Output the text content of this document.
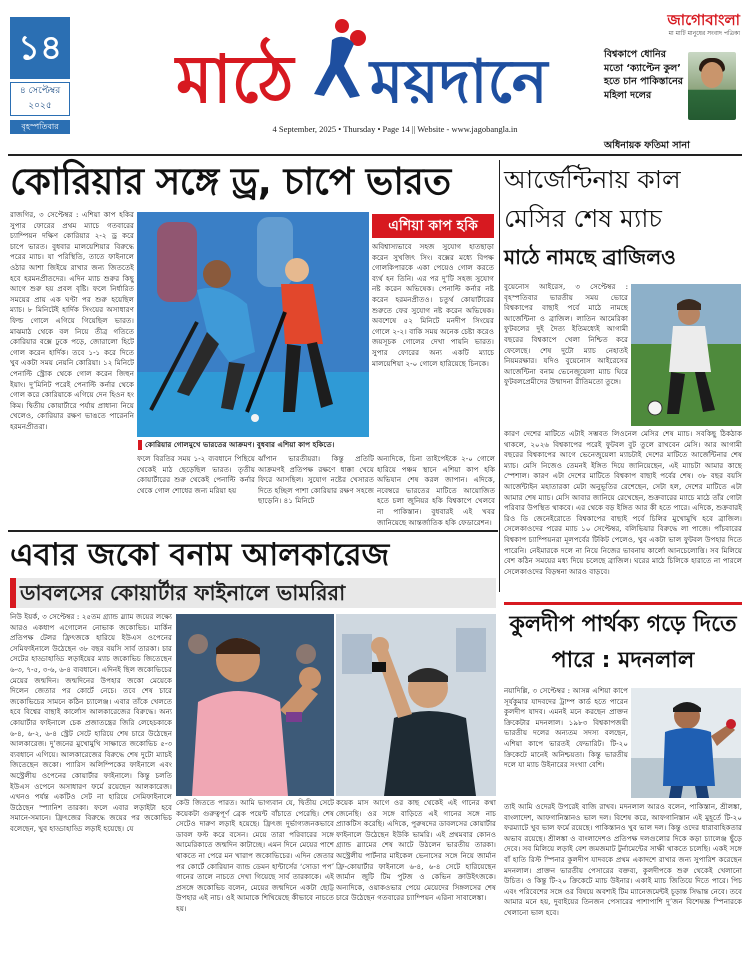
১৪
৪ সেপ্টেম্বর
২০২৫
বৃহস্পতিবার
মাঠে ময়দানে
4 September, 2025 • Thursday • Page 14 || Website - www.jagobangla.in
জাগোবাংলা
মা মাটি মানুষের সংবাদ পত্রিকা
বিশ্বকাপে ধোনির মতো ‘ক্যাপ্টেন কুল’ হতে চান পাকিস্তানের মহিলা দলের
অধিনায়ক ফতিমা সানা
কোরিয়ার সঙ্গে ড্র, চাপে ভারত
রাজগির, ৩ সেপ্টেম্বর : এশিয়া কাপ হকির সুপার ফোরের প্রথম ম্যাচে গতবারের চ্যাম্পিয়ন দক্ষিণ কোরিয়ার ২-২ ড্র করে চাপে ভারত। বুধবার মালয়েশিয়ার বিরুদ্ধে পরের ম্যাচ। যা পরিস্থিতি, তাতে ফাইনালে ওঠার আশা জিইয়ে রাখার জন্য জিততেই হবে হরমনপ্রীতদের। এদিন ম্যাচ শুরুর কিছু আগে শুরু হয় প্রবল বৃষ্টি। ফলে নির্ধারিত সময়ের প্রায় এক ঘণ্টা পর শুরু হয়েছিল ম্যাচ। ৮ মিনিটেই হার্দিক সিংয়ের অসাধারণ ফিল্ড গোলে এগিয়ে গিয়েছিল ভারত। মাঝমাঠ থেকে বল নিয়ে তীব্র গতিতে কোরিয়ার বক্সে ঢুকে পড়ে, জোরালো হিটে গোল করেন হার্দিক। তবে ১-১ করে দিতে খুব একটা সময় নেয়নি কোরিয়া। ১২ মিনিটে পেনাল্টি স্ট্রোক থেকে গোল করেন জিহুন ইয়াং। দু’মিনিট পরেই পেনাল্টি কর্নার থেকে গোল করে কোরিয়াকে এগিয়ে দেন হিওন হং কিম। দ্বিতীয় কোয়ার্টারে পর্যায় প্রাধান্য নিয়ে খেলেও, কোরিয়ার রক্ষণ ভাঙতে পারেননি হরমনপ্রীতরা।
কোরিয়ার গোলমুখে ভারতের আক্রমণ। বুধবার এশিয়া কাপ হকিতে।
এশিয়া কাপ হকি
অবিশ্বাস্যভাবে সহজ সুযোগ হাতছাড়া করেন সুখজিৎ সিং। বক্সের মধ্যে বিপক্ষ গোলকিপারকে একা পেয়েও গোল করতে ব্যর্থ হন তিনি। এর পর দু’টি সহজ সুযোগ নষ্ট করেন অভিষেক। পেনাল্টি কর্নার নষ্ট করেন হরমনপ্রীতও। চতুর্থ কোয়ার্টারের শুরুতে ফের সুযোগ নষ্ট করেন অভিষেক। অবশেষে ৫২ মিনিটে মনদীপ সিংয়ের গোলে ২-২। বাকি সময় অনেক চেষ্টা করেও জয়সূচক গোলের দেখা পায়নি ভারত। সুপার ফোরের অন্য একটি ম্যাচে মালয়েশিয়া ২-০ গোলে হারিয়েছে চিনকে।
ফলে বিরতির সময় ১-২ ব্যবধানে পিছিয়ে থেকেই মাঠ ছেড়েছিল ভারত। তৃতীয় কোয়ার্টারের শুরু থেকেই পেনাল্টি কর্নার থেকে গোল শোধের জন্য মরিয়া হয়
ঝাঁপান ভারতীয়রা। কিন্তু প্রতিটি আক্রমণই প্রতিপক্ষ রক্ষণে ধাক্কা খেয়ে ফিরে আসছিল। সুযোগ নষ্টের খেসারত দিতে হচ্ছিল পাশা কোরিয়ার রক্ষণ সহজে ছাড়েনি। ৪১ মিনিটে
অন্যদিকে, চিনা তাইপেইকে ২-০ গোলে হারিয়ে পঞ্চম স্থানে এশিয়া কাপ হকি অভিযান শেষ করল জাপান। এদিকে, নবেম্বরে ভারতের মাটিতে আয়োজিত হতে চলা জুনিয়র হকি বিশ্বকাপে খেলবে না পাকিস্তান। বুধবারই এই খবর জানিয়েছে আন্তর্জাতিক হকি ফেডারেশন।
আর্জেন্টিনায় কাল
মেসির শেষ ম্যাচ
মাঠে নামছে ব্রাজিলও
বুয়েনোস আইরেস, ৩ সেপ্টেম্বর : বৃহস্পতিবার ভারতীয় সময় ভোরে বিশ্বকাপের বাছাই পর্বে মাঠে নামছে আর্জেন্টিনা ও ব্রাজিল। লাতিন আমেরিকা ফুটবলের দুই দৈত্য ইতিমধ্যেই আগামী বছরের বিশ্বকাপে খেলা নিশ্চিত করে ফেলেছে। শেষ দুটো ম্যাচ নেহাতই নিয়মরক্ষার। যদিও বুয়েনোস আইরেসের আর্জেন্টিনা বনাম ভেনেজুয়েলা ম্যাচ ঘিরে ফুটবলপ্রেমীদের উন্মাদনা রীতিমতো তুঙ্গে।
কারণ দেশের মাটিতে এটাই সম্ভবত লিওনেল মেসির শেষ ম্যাচ। সবকিছু ঠিকঠাক থাকলে, ২০২৬ বিশ্বকাপের পরেই ফুটবল বুট তুলে রাখবেন মেসি। আর আগামী বছরের বিশ্বকাপের আগে ভেনেজুয়েলা ম্যাচটাই দেশের মাটিতে আর্জেন্টিনার শেষ ম্যাচ। মেসি নিজেও তেমনই ইঙ্গিত দিয়ে জানিয়েছেন, এই ম্যাচটা আমার কাছে স্পেশাল। কারণ এটা দেশের মাটিতে বিশ্বকাপ বাছাই পর্বের শেষ। ৩৮ বছর বয়সি আর্জেন্টাইন মহাতারকা মেটা অনুভূতির রেশেছেন, সেটা হল, দেশের মাটিতে এটা আমার শেষ ম্যাচ। মেসি আবার জানিয়ে রেখেছেন, শুক্রবারের ম্যাচে মাঠে তাঁর গোটা পরিবার উপস্থিত থাকবে। এর থেকে বড় ইঙ্গিত আর কী হতে পারে। এদিকে, শুক্রবারই রিও ডি জেনেইরোতে বিশ্বকাপের বাছাই পর্বে চিলির মুখোমুখি হবে ব্রাজিল। সেলেকাওদের পরের ম্যাচ ১০ সেপ্টেম্বর, বলিভিয়ার বিরুদ্ধে লা পাজে। পাঁচবারের বিশ্বকাপ চ্যাম্পিয়নরা মূলপর্বের টিকিট পেলেও, খুব একটা ভাল ফুটবল উপহার দিতে পারেনি। নেইমারকে দলে না নিয়ে নিজের ভাবনায় কার্লো আনচেলোত্তি। সব মিলিয়ে বেশ কঠিন সময়ের মধ্য দিয়ে চলেছে ব্রাজিল। ঘরের মাঠে চিলিকে হারাতে না পারলে সেলেকাওদের বিড়ম্বনা আরও বাড়বে।
এবার জকো বনাম আলকারেজ
ডাবলসের কোয়ার্টার ফাইনালে ভামরিরা
নিউ ইয়র্ক, ৩ সেপ্টেম্বর : ২৫তম গ্র্যান্ড স্ল্যাম জয়ের লক্ষ্যে আরও একধাপ এগোলেন নোভাক জকোভিচ। মার্কিন প্রতিপক্ষ টেলর ফ্রিৎজকে হারিয়ে ইউএস ওপেনের সেমিফাইনালে উঠেছেন ৩৮ বছর বয়সি সার্ব তারকা। চার সেটের হাড্ডাহাড্ডি লড়াইয়ের ম্যাচ জকোভিচ জিতেছেন ৬-৩, ৭-৫, ৩-৬, ৬-৪ ব্যবধানে। এদিনই ছিল জকোভিচের মেয়ের জন্মদিন। জন্মদিনের উপহার জকো মেয়েকে দিলেন জেতার পর কোর্টে নেচে। তবে শেষ চারে জকোভিচের সামনে কঠিন চ্যালেঞ্জ। এবার তাঁকে খেলতে হবে বিশ্বের বাছাই কার্লোস আলকারেজের বিরুদ্ধে। অন্য কোয়ার্টার ফাইনালে চেক প্রজাতন্ত্রের জিরি লেহেচকাকে ৬-৪, ৬-২, ৬-৪ স্ট্রেট সেটে হারিয়ে শেষ চারে উঠেছেন আলকারেজ। দু’জনের মুখোমুখি সাক্ষাতে জকোভিচ ৫-৩ ব্যবধানে এগিয়ে। আলকারেজের বিরুদ্ধে শেষ দুটো ম্যাচই জিতেছেন জকো। প্যারিস অলিম্পিকের ফাইনালে এবং অস্ট্রেলীয় ওপেনের কোয়ার্টার ফাইনালে। কিন্তু চলতি ইউএস ওপেনে অসাধারণ ফর্মে রয়েছেন আলকারেজ। এখনও পর্যন্ত একটিও সেট না হারিয়ে সেমিফাইনালে উঠেছেন স্প্যানিশ তারকা। ফলে এবার লড়াইটা হবে সমানে-সমানে। ফ্রিৎজের বিরুদ্ধে জয়ের পর জকোভিচ বলেছেন, খুব হাড্ডাহাড্ডি লড়াই হয়েছে। যে
কেউ জিততে পারত। আমি ভাগ্যবান যে, দ্বিতীয় সেটে কয়েকটা গুরুত্বপূর্ণ ব্রেক পয়েন্ট বাঁচাতে পেরেছি। শেষ সেটেও দারুণ লড়াই হয়েছে। ফ্রিৎজ দুর্ভাগ্যজনকভাবে ডাবল ফল্ট করে বসেন। মেয়ে তারা পরিবারের সঙ্গে আমেরিকাতে জন্মদিন কাটাচ্ছে। এমন দিনে মেয়ের পাশে থাকতে না পেরে মন খারাপ জকোভিচের। এদিন জেতার পর কোর্টে কোরিয়ান ব্যান্ড ডেমন হান্টার্সের ‘সোডা পপ’ গানের তালে নাচতে দেখা গিয়েছে সার্ব তারকাকে। এই প্রসঙ্গে জকোভিচ বলেন, মেয়ের জন্মদিনে একটা ছোট্ট উপহার এই নাচ। ওই আমাকে শিখিয়েছে কীভাবে নাচতে হয়।
কয়েক মাস আগে ওর কাছ থেকেই এই গানের কথা জেনেছি। ওর সঙ্গে বাড়িতে এই গানের সঙ্গে নাচ প্র্যাকটিস করেছি। এদিকে, পুরুষদের ডাবলসের কোয়ার্টার ফাইনালে উঠেছেন ইউকি ভামরি। এই প্রথমবার কোনও গ্র্যান্ড স্ল্যামের শেষ আটে উঠলেন ভারতীয় তারকা। অস্ট্রেলীয় পার্টনার মাইকেল ভেনাসের সঙ্গে নিয়ে জার্মান ফ্রি-কোয়ার্টার ফাইনালে ৬-৪, ৬-৪ সেটে হারিয়েছেন জার্মান জুটি টিম পুটজ ও কেভিন ক্রাউইৎজকে। অন্যদিকে, ওয়াকওভার পেয়ে মেয়েদের সিঙ্গলসের শেষ চারে উঠেছেন গতবারের চ্যাম্পিয়ন এরিনা সাবালেঙ্কা।
কুলদীপ পার্থক্য গড়ে দিতে পারে : মদনলাল
নয়াদিল্লি, ৩ সেপ্টেম্বর : আসন্ন এশিয়া কাপে সূর্যকুমার যাদবদের ট্রাম্প কার্ড হতে পারেন কুলদীপ যাদব। এমনই মনে করছেন প্রাক্তন ক্রিকেটার মদনলাল। ১৯৮৩ বিশ্বকাপজয়ী ভারতীয় দলের অন্যতম সদস্য বলছেন, এশিয়া কাপে ভারতই ফেভারিট। টি-২০ ক্রিকেটে মানেই অনিশ্চয়তা। কিন্তু ভারতীয় দলে যা ম্যাচ উইনারের সংখ্যা বেশি।
তাই আমি ওদেরই উপরেই বাজি রাখব। মদনলাল আরও বলেন, পাকিস্তান, শ্রীলঙ্কা, বাংলাদেশ, আফগানিস্তানও ভাল দল। বিশেষ করে, আফগানিস্তান এই মুহূর্তে টি-২০ ফরম্যাটে খুব ভাল ফর্মে রয়েছে। পাকিস্তানও খুব ভাল দল। কিন্তু ওদের ধারাবাহিকতার অভাব রয়েছে। শ্রীলঙ্কা ও বাংলাদেশও প্রতিপক্ষ দলগুলোর দিকে কড়া চ্যালেঞ্জ ছুঁড়ে দেবে। সব মিলিয়ে লড়াই বেশ জমজমাট টুর্নামেন্টের সাক্ষী থাকতে চলেছি। একই সঙ্গে বাঁ হাতি রিস্ট স্পিনার কুলদীপ যাদবকে প্রথম একাদশে রাখার জন্য সুপারিশ করেছেন মদনলাল। প্রাক্তন ভারতীয় পেসারের বক্তব্য, কুলদীপকে শুরু থেকেই খেলানো উচিত। ও কিন্তু টি-২০ ক্রিকেটে ম্যাচ উইনার। একাই ম্যাচ জিতিয়ে দিতে পারে। পিচ এবং পরিবেশের সঙ্গে ওর বিষয়ে অবশ্যই টিম ম্যানেজমেন্টই চূড়ান্ত সিদ্ধান্ত নেবে। তবে আমার মনে হয়, দুবাইয়ের তিনজন পেসারের পাশাপাশি দু’জন বিশেষজ্ঞ স্পিনারকে খেলানো ভাল হবে।
